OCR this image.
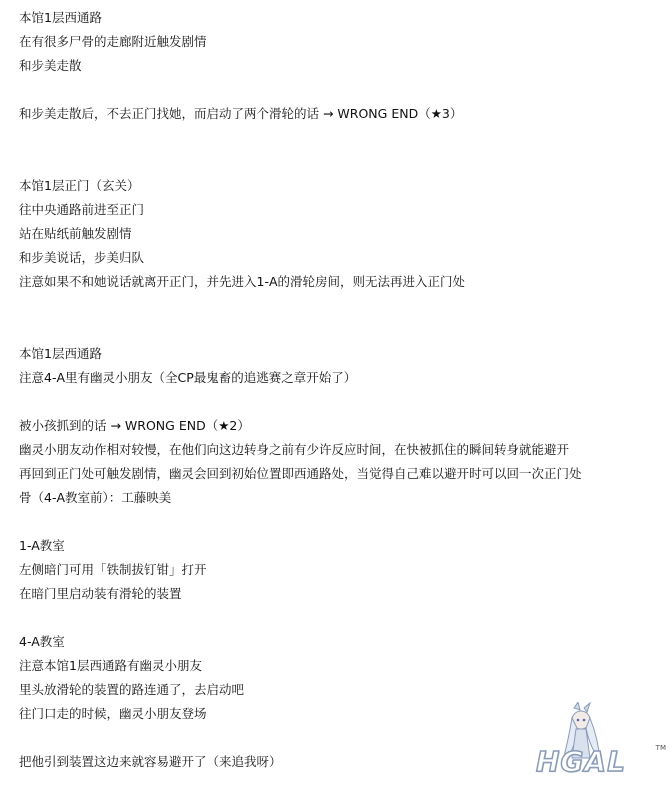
本馆1层西通路
在有很多尸骨的走廊附近触发剧情
和步美走散
和步美走散后，不去正门找她，而启动了两个滑轮的话 → WRONG END（★3）
本馆1层正门（玄关）
往中央通路前进至正门
站在贴纸前触发剧情
和步美说话，步美归队
注意如果不和她说话就离开正门，并先进入1-A的滑轮房间，则无法再进入正门处
本馆1层西通路
注意4-A里有幽灵小朋友（全CP最鬼畜的追逃赛之章开始了）
被小孩抓到的话 → WRONG END（★2）
幽灵小朋友动作相对较慢，在他们向这边转身之前有少许反应时间，在快被抓住的瞬间转身就能避开
再回到正门处可触发剧情，幽灵会回到初始位置即西通路处，当觉得自己难以避开时可以回一次正门处
骨（4-A教室前）：工藤映美
1-A教室
左侧暗门可用「铁制拔钉钳」打开
在暗门里启动装有滑轮的装置
4-A教室
注意本馆1层西通路有幽灵小朋友
里头放滑轮的装置的路连通了，去启动吧
往门口走的时候，幽灵小朋友登场
把他引到装置这边来就容易避开了（来追我呀）	HGAL	TM
